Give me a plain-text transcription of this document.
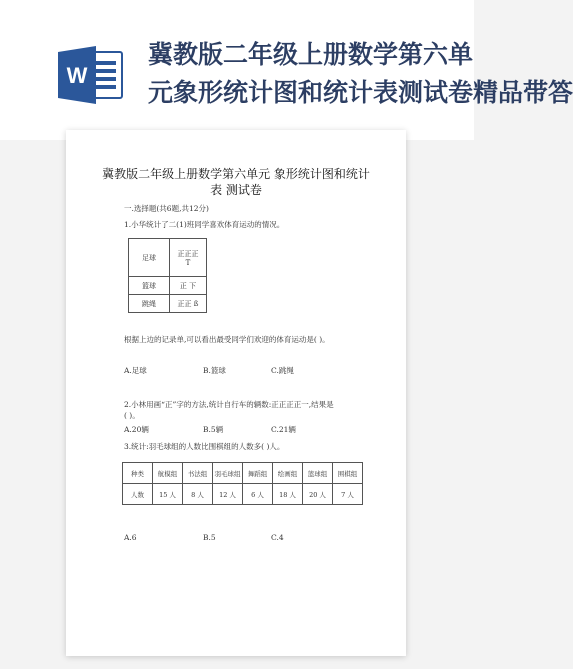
W
冀教版二年级上册数学第六单
元象形统计图和统计表测试卷精品带答
冀教版二年级上册数学第六单元 象形统计图和统计
表 测试卷
一.选择题(共6题,共12分)
1.小华统计了二(1)班同学喜欢体育运动的情况。
足球	正正正
T

篮球	正 下
跳绳	正正 ß
根据上边的记录单,可以看出最受同学们欢迎的体育运动是( )。
A.足球	B.篮球	C.跳绳
2.小林用画“正”字的方法,统计自行车的辆数:正正正正一,结果是
( )。
A.20辆	B.5辆	C.21辆
3.统计:羽毛球组的人数比围棋组的人数多( )人。
种类	航模组	书法组	羽毛球组	舞蹈组	绘画组	篮球组	围棋组
人数	15 人	8 人	12 人	6 人	18 人	20 人	7 人
A.6	B.5	C.4
